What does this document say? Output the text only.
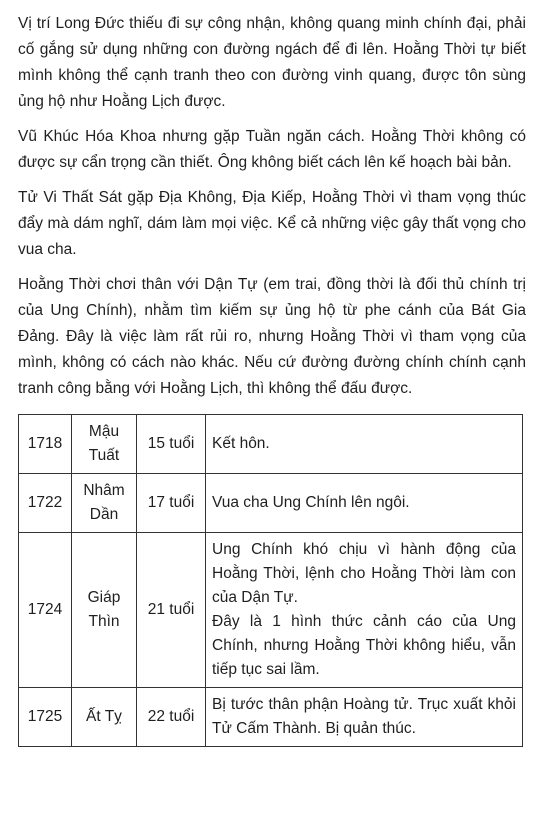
Vị trí Long Đức thiếu đi sự công nhận, không quang minh chính đại, phải cố gắng sử dụng những con đường ngách để đi lên. Hoằng Thời tự biết mình không thể cạnh tranh theo con đường vinh quang, được tôn sùng ủng hộ như Hoằng Lịch được.

Vũ Khúc Hóa Khoa nhưng gặp Tuần ngăn cách. Hoằng Thời không có được sự cẩn trọng cần thiết. Ông không biết cách lên kế hoạch bài bản.

Tử Vi Thất Sát gặp Địa Không, Địa Kiếp, Hoằng Thời vì tham vọng thúc đẩy mà dám nghĩ, dám làm mọi việc. Kể cả những việc gây thất vọng cho vua cha.

Hoằng Thời chơi thân với Dận Tự (em trai, đồng thời là đối thủ chính trị của Ung Chính), nhằm tìm kiếm sự ủng hộ từ phe cánh của Bát Gia Đảng. Đây là việc làm rất rủi ro, nhưng Hoằng Thời vì tham vọng của mình, không có cách nào khác. Nếu cứ đường đường chính chính cạnh tranh công bằng với Hoằng Lịch, thì không thể đấu được.

1718	Mậu Tuất	15 tuổi	Kết hôn.

1722	Nhâm Dần	17 tuổi	Vua cha Ung Chính lên ngôi.

1724	Giáp Thìn	21 tuổi	Ung Chính khó chịu vì hành động của Hoằng Thời, lệnh cho Hoằng Thời làm con của Dận Tự.
Đây là 1 hình thức cảnh cáo của Ung Chính, nhưng Hoằng Thời không hiểu, vẫn tiếp tục sai lầm.

1725	Ất Tỵ	22 tuổi	Bị tước thân phận Hoàng tử. Trục xuất khỏi Tử Cấm Thành. Bị quản thúc.
